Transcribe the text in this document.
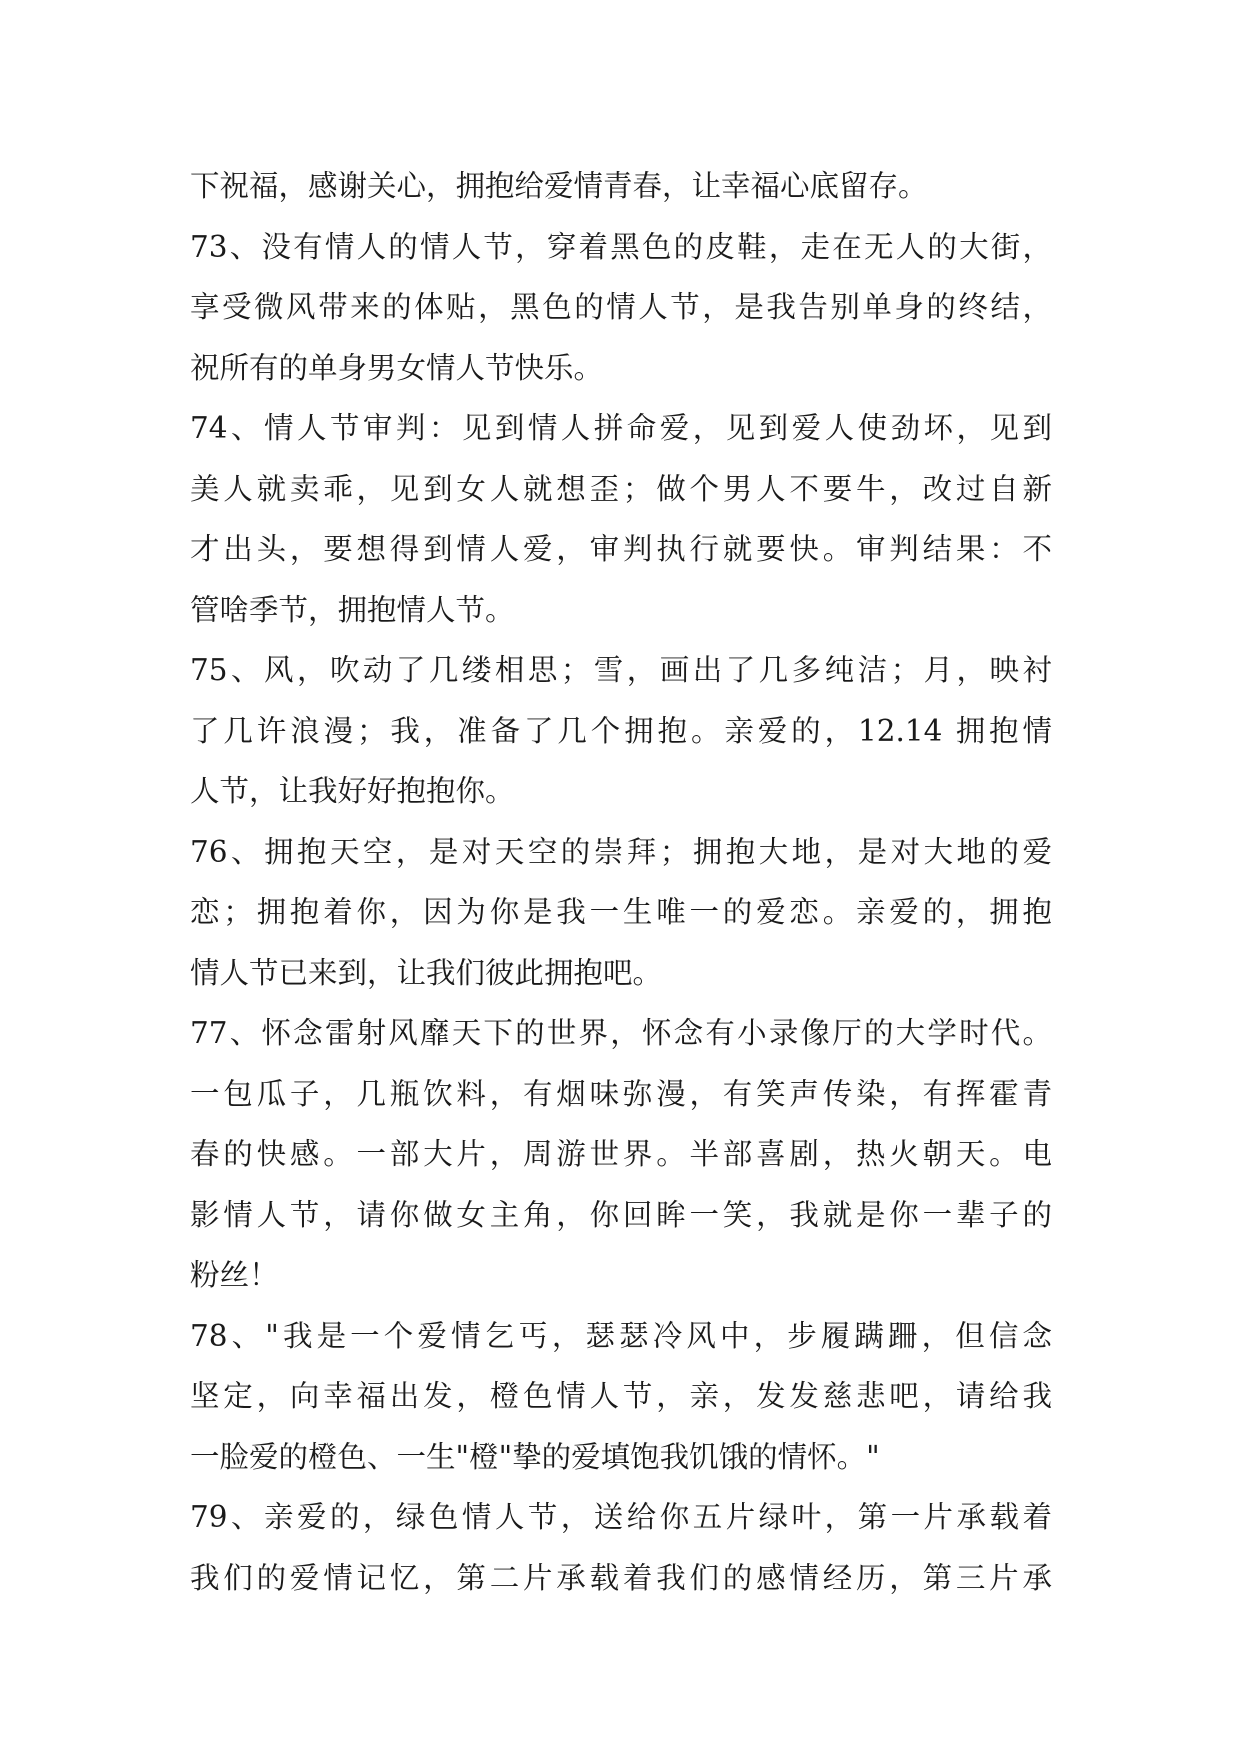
下祝福，感谢关心，拥抱给爱情青春，让幸福心底留存。
73、没有情人的情人节，穿着黑色的皮鞋，走在无人的大街，
享受微风带来的体贴，黑色的情人节，是我告别单身的终结，
祝所有的单身男女情人节快乐。
74、情人节审判：见到情人拼命爱，见到爱人使劲坏，见到
美人就卖乖，见到女人就想歪；做个男人不要牛，改过自新
才出头，要想得到情人爱，审判执行就要快。审判结果：不
管啥季节，拥抱情人节。
75、风，吹动了几缕相思；雪，画出了几多纯洁；月，映衬
了几许浪漫；我，准备了几个拥抱。亲爱的，12.14 拥抱情
人节，让我好好抱抱你。
76、拥抱天空，是对天空的崇拜；拥抱大地，是对大地的爱
恋；拥抱着你，因为你是我一生唯一的爱恋。亲爱的，拥抱
情人节已来到，让我们彼此拥抱吧。
77、怀念雷射风靡天下的世界，怀念有小录像厅的大学时代。
一包瓜子，几瓶饮料，有烟味弥漫，有笑声传染，有挥霍青
春的快感。一部大片，周游世界。半部喜剧，热火朝天。电
影情人节，请你做女主角，你回眸一笑，我就是你一辈子的
粉丝！
78、"我是一个爱情乞丐，瑟瑟冷风中，步履蹒跚，但信念
坚定，向幸福出发，橙色情人节，亲，发发慈悲吧，请给我
一脸爱的橙色、一生"橙"挚的爱填饱我饥饿的情怀。"
79、亲爱的，绿色情人节，送给你五片绿叶，第一片承载着
我们的爱情记忆，第二片承载着我们的感情经历，第三片承
